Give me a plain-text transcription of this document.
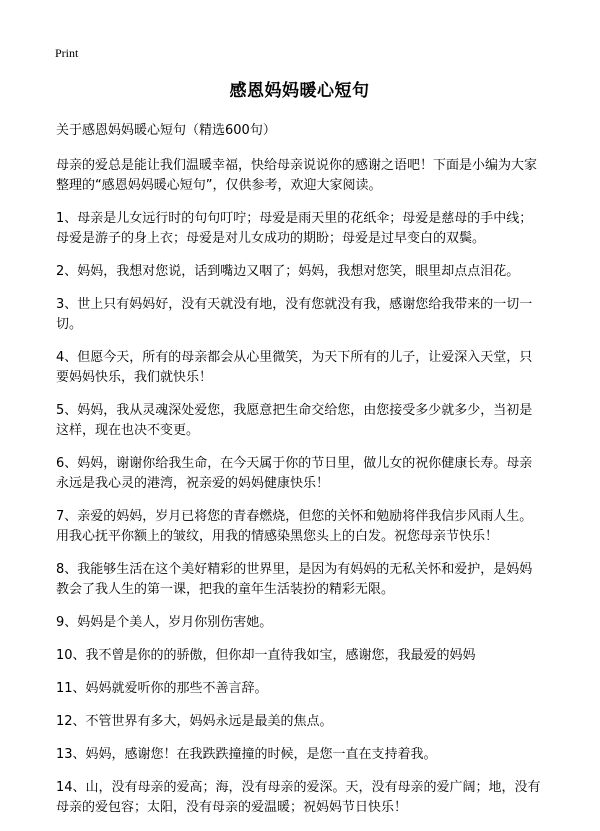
Print
感恩妈妈暖心短句

关于感恩妈妈暖心短句（精选600句）

母亲的爱总是能让我们温暖幸福，快给母亲说说你的感谢之语吧！下面是小编为大家整理的“感恩妈妈暖心短句”，仅供参考，欢迎大家阅读。

1、母亲是儿女远行时的句句叮咛；母爱是雨天里的花纸伞；母爱是慈母的手中线；母爱是游子的身上衣；母爱是对儿女成功的期盼；母爱是过早变白的双鬓。

2、妈妈，我想对您说，话到嘴边又咽了；妈妈，我想对您笑，眼里却点点泪花。

3、世上只有妈妈好，没有天就没有地，没有您就没有我，感谢您给我带来的一切一切。

4、但愿今天，所有的母亲都会从心里微笑，为天下所有的儿子，让爱深入天堂，只要妈妈快乐，我们就快乐！

5、妈妈，我从灵魂深处爱您，我愿意把生命交给您，由您接受多少就多少，当初是这样，现在也决不变更。

6、妈妈，谢谢你给我生命，在今天属于你的节日里，做儿女的祝你健康长寿。母亲永远是我心灵的港湾，祝亲爱的妈妈健康快乐！

7、亲爱的妈妈，岁月已将您的青春燃烧，但您的关怀和勉励将伴我信步风雨人生。用我心抚平你额上的皱纹，用我的情感染黑您头上的白发。祝您母亲节快乐！

8、我能够生活在这个美好精彩的世界里，是因为有妈妈的无私关怀和爱护，是妈妈教会了我人生的第一课，把我的童年生活装扮的精彩无限。

9、妈妈是个美人，岁月你别伤害她。

10、我不曾是你的的骄傲，但你却一直待我如宝，感谢您，我最爱的妈妈

11、妈妈就爱听你的那些不善言辞。

12、不管世界有多大，妈妈永远是最美的焦点。

13、妈妈，感谢您！在我跌跌撞撞的时候，是您一直在支持着我。

14、山，没有母亲的爱高；海，没有母亲的爱深。天，没有母亲的爱广阔；地，没有母亲的爱包容；太阳，没有母亲的爱温暖；祝妈妈节日快乐！
